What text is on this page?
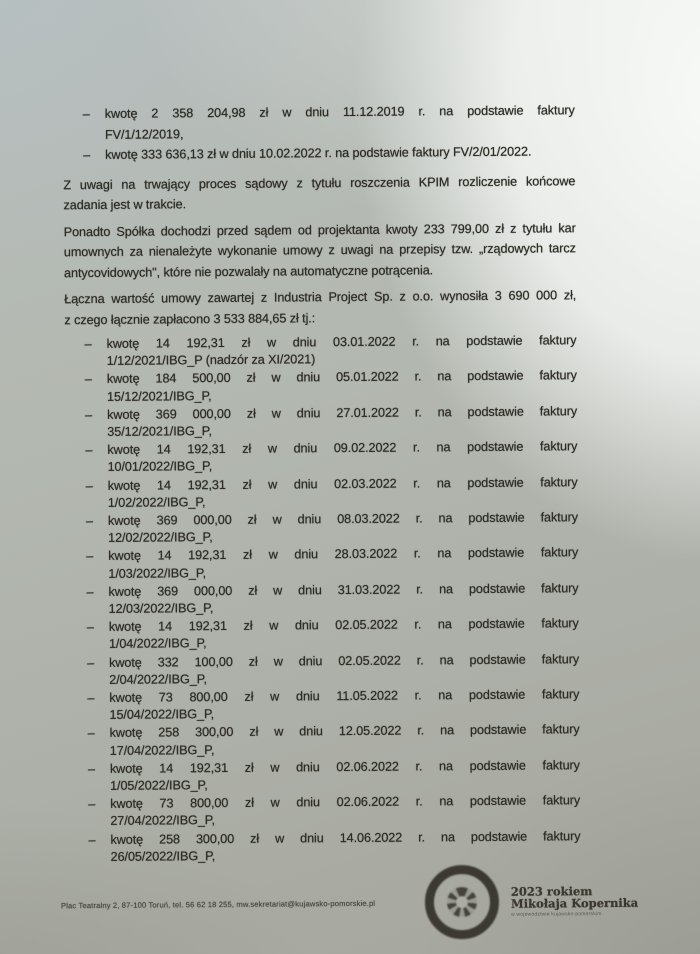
–	kwotę 2 358 204,98 zł w dniu 11.12.2019 r. na podstawie faktury
FV/1/12/2019,
–	kwotę 333 636,13 zł w dniu 10.02.2022 r. na podstawie faktury FV/2/01/2022.

Z uwagi na trwający proces sądowy z tytułu roszczenia KPIM rozliczenie końcowe
zadania jest w trakcie.

Ponadto Spółka dochodzi przed sądem od projektanta kwoty 233 799,00 zł z tytułu kar
umownych za nienależyte wykonanie umowy z uwagi na przepisy tzw. „rządowych tarcz
antycovidowych", które nie pozwalały na automatyczne potrącenia.

Łączna wartość umowy zawartej z Industria Project Sp. z o.o. wynosiła 3 690 000 zł,
z czego łącznie zapłacono 3 533 884,65 zł tj.:

–	kwotę 14 192,31 zł w dniu 03.01.2022 r. na podstawie faktury
1/12/2021/IBG_P (nadzór za XI/2021)
–	kwotę 184 500,00 zł w dniu 05.01.2022 r. na podstawie faktury
15/12/2021/IBG_P,
–	kwotę 369 000,00 zł w dniu 27.01.2022 r. na podstawie faktury
35/12/2021/IBG_P,
–	kwotę 14 192,31 zł w dniu 09.02.2022 r. na podstawie faktury
10/01/2022/IBG_P,
–	kwotę 14 192,31 zł w dniu 02.03.2022 r. na podstawie faktury
1/02/2022/IBG_P,
–	kwotę 369 000,00 zł w dniu 08.03.2022 r. na podstawie faktury
12/02/2022/IBG_P,
–	kwotę 14 192,31 zł w dniu 28.03.2022 r. na podstawie faktury
1/03/2022/IBG_P,
–	kwotę 369 000,00 zł w dniu 31.03.2022 r. na podstawie faktury
12/03/2022/IBG_P,
–	kwotę 14 192,31 zł w dniu 02.05.2022 r. na podstawie faktury
1/04/2022/IBG_P,
–	kwotę 332 100,00 zł w dniu 02.05.2022 r. na podstawie faktury
2/04/2022/IBG_P,
–	kwotę 73 800,00 zł w dniu 11.05.2022 r. na podstawie faktury
15/04/2022/IBG_P,
–	kwotę 258 300,00 zł w dniu 12.05.2022 r. na podstawie faktury
17/04/2022/IBG_P,
–	kwotę 14 192,31 zł w dniu 02.06.2022 r. na podstawie faktury
1/05/2022/IBG_P,
–	kwotę 73 800,00 zł w dniu 02.06.2022 r. na podstawie faktury
27/04/2022/IBG_P,
–	kwotę 258 300,00 zł w dniu 14.06.2022 r. na podstawie faktury
26/05/2022/IBG_P,
Plac Teatralny 2, 87-100 Toruń, tel. 56 62 18 255, mw.sekretariat@kujawsko-pomorskie.pl
2023 rokiem
Mikołaja Kopernika
w województwie kujawsko-pomorskim
